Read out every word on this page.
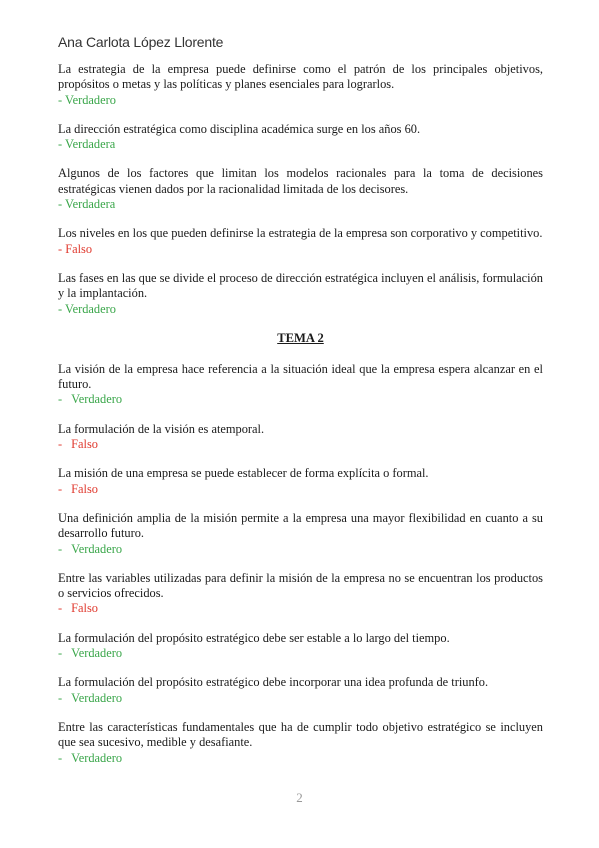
Ana Carlota López Llorente
La estrategia de la empresa puede definirse como el patrón de los principales objetivos, propósitos o metas y las políticas y planes esenciales para lograrlos.
- Verdadero
La dirección estratégica como disciplina académica surge en los años 60.
- Verdadera
Algunos de los factores que limitan los modelos racionales para la toma de decisiones estratégicas vienen dados por la racionalidad limitada de los decisores.
- Verdadera
Los niveles en los que pueden definirse la estrategia de la empresa son corporativo y competitivo.
- Falso
Las fases en las que se divide el proceso de dirección estratégica incluyen el análisis, formulación y la implantación.
- Verdadero
TEMA 2
La visión de la empresa hace referencia a la situación ideal que la empresa espera alcanzar en el futuro.
- Verdadero
La formulación de la visión es atemporal.
- Falso
La misión de una empresa se puede establecer de forma explícita o formal.
- Falso
Una definición amplia de la misión permite a la empresa una mayor flexibilidad en cuanto a su desarrollo futuro.
- Verdadero
Entre las variables utilizadas para definir la misión de la empresa no se encuentran los productos o servicios ofrecidos.
- Falso
La formulación del propósito estratégico debe ser estable a lo largo del tiempo.
- Verdadero
La formulación del propósito estratégico debe incorporar una idea profunda de triunfo.
- Verdadero
Entre las características fundamentales que ha de cumplir todo objetivo estratégico se incluyen que sea sucesivo, medible y desafiante.
- Verdadero
2
